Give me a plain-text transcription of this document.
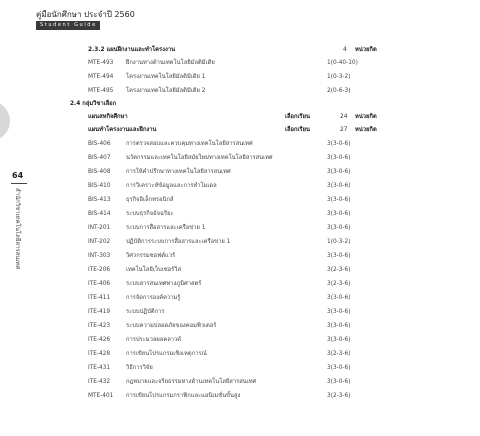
คู่มือนักศึกษา ประจำปี 2560
Student Guide 2017
64
สำนักวิชาเทคโนโลยีสารสนเทศ
2.3.2 แผนฝึกงานและทำโครงงาน	4 หน่วยกิต
MTE-493 ฝึกงานทางด้านเทคโนโลยีมัลติมีเดีย	1(0-40-10)
MTE-494 โครงงานเทคโนโลยีมัลติมีเดีย 1	1(0-3-2)
MTE-495 โครงงานเทคโนโลยีมัลติมีเดีย 2	2(0-6-3)
2.4 กลุ่มวิชาเลือก
แผนสหกิจศึกษา	เลือกเรียน	24 หน่วยกิต
แผนทำโครงงานและฝึกงาน	เลือกเรียน	27 หน่วยกิต
BIS-406	การตรวจสอบและควบคุมทางเทคโนโลยีสารสนเทศ	3(3-0-6)
BIS-407	นวัตกรรมและเทคโนโลยีสมัยใหม่ทางเทคโนโลยีสารสนเทศ	3(3-0-6)
BIS-408	การให้คำปรึกษาทางเทคโนโลยีสารสนเทศ	3(3-0-6)
BIS-410	การวิเคราะห์ข้อมูลและการทำโมเดล	3(3-0-6)
BIS-413	ธุรกิจอิเล็กทรอนิกส์	3(3-0-6)
BIS-414	ระบบธุรกิจอัจฉริยะ	3(3-0-6)
INT-201	ระบบการสื่อสารและเครือข่าย 1	3(3-0-6)
INT-202	ปฏิบัติการระบบการสื่อสารและเครือข่าย 1	1(0-3-2)
INT-303	วิศวกรรมซอฟต์แวร์	3(3-0-6)
ITE-206	เทคโนโลยีเว็บเซอร์วิส	3(2-3-6)
ITE-406	ระบบสารสนเทศทางภูมิศาสตร์	3(2-3-6)
ITE-411	การจัดการองค์ความรู้	3(3-0-6)
ITE-419	ระบบปฏิบัติการ	3(3-0-6)
ITE-423	ระบบความปลอดภัยของคอมพิวเตอร์	3(3-0-6)
ITE-426	การประมวลผลคลาวด์	3(3-0-6)
ITE-428	การเขียนโปรแกรมเชิงเหตุการณ์	3(2-3-6)
ITE-431	วิธีการวิจัย	3(3-0-6)
ITE-432	กฎหมายและจริยธรรมทางด้านเทคโนโลยีสารสนเทศ	3(3-0-6)
MTE-401 การเขียนโปรแกรมกราฟิกและแอนิเมชั่นขั้นสูง	3(2-3-6)
